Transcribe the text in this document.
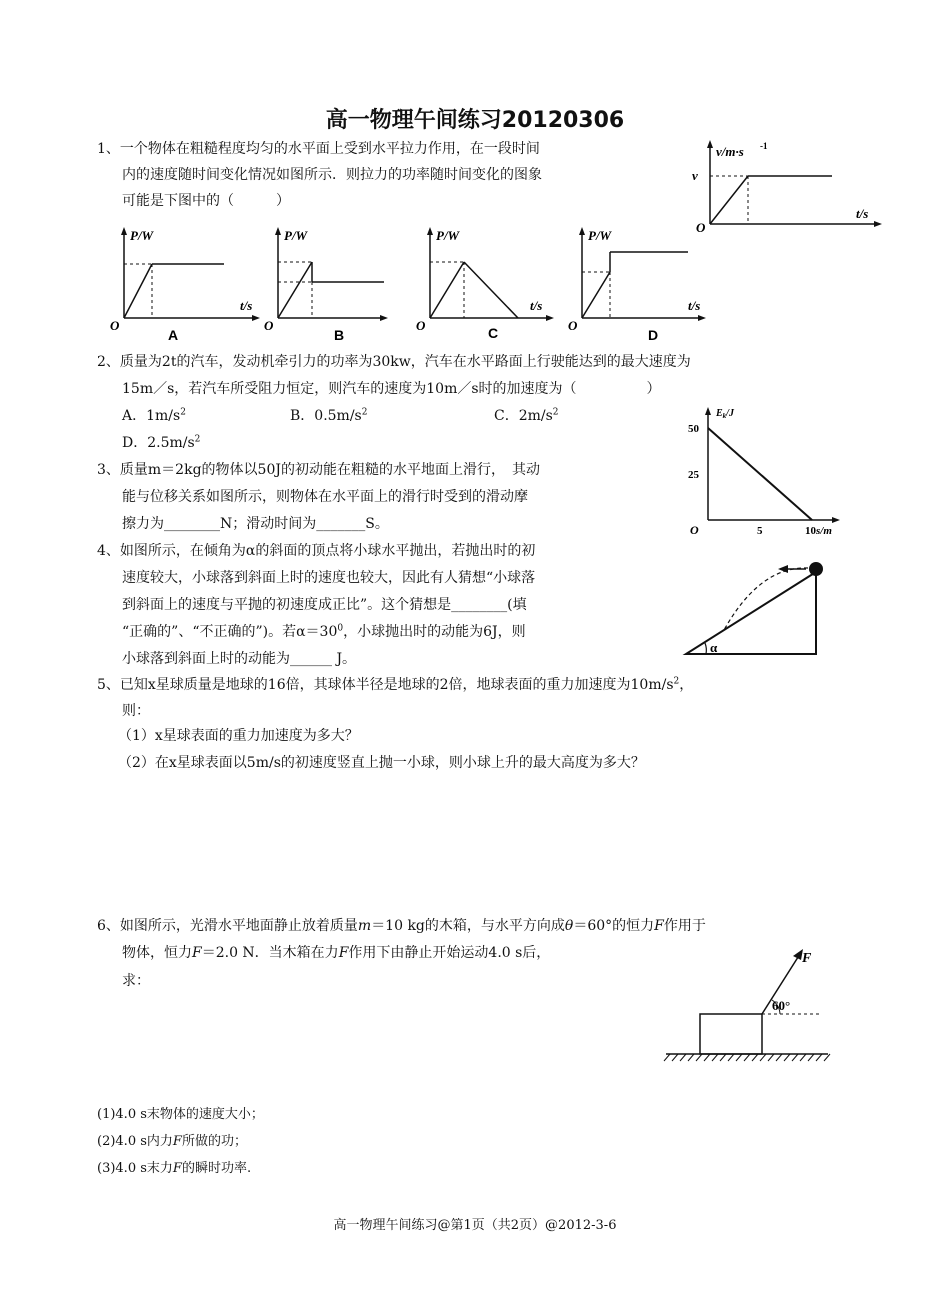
高一物理午间练习20120306
1、一个物体在粗糙程度均匀的水平面上受到水平拉力作用，在一段时间
内的速度随时间变化情况如图所示．则拉力的功率随时间变化的图象
可能是下图中的（　　　）
v/m·s -1
v
t/s
O
P/W
t/s
O
A
P/W
O
B
P/W
t/s
O	C
P/W
t/s
O
D
2、质量为2t的汽车，发动机牵引力的功率为30kw，汽车在水平路面上行驶能达到的最大速度为
15m／s，若汽车所受阻力恒定，则汽车的速度为10m／s时的加速度为（　　　　　）
A．$1m/s^2$	B．$0.5m/s^2$	C．$2m/s^2$
D．$2.5m/s^2$
50
25
5	10
O	s/m
$E_k/J$
3、质量m＝2kg的物体以50J的初动能在粗糙的水平地面上滑行，　其动
能与位移关系如图所示，则物体在水平面上的滑行时受到的滑动摩
擦力为________N；滑动时间为_______S。
4、如图所示，在倾角为α的斜面的顶点将小球水平抛出，若抛出时的初
速度较大，小球落到斜面上时的速度也较大，因此有人猜想“小球落
到斜面上的速度与平抛的初速度成正比”。这个猜想是________(填
“正确的”、“不正确的”)。若$\alpha=30^0$，小球抛出时的动能为6J，则
小球落到斜面上时的动能为______ J。
α
5、已知x星球质量是地球的16倍，其球体半径是地球的2倍，地球表面的重力加速度为$10m/s^2$，
则：
（1）x星球表面的重力加速度为多大？
（2）在x星球表面以5m/s的初速度竖直上抛一小球，则小球上升的最大高度为多大？
6、如图所示，光滑水平地面静止放着质量m＝10 kg的木箱，与水平方向成θ＝60°的恒力F作用于
物体，恒力F＝2.0 N．当木箱在力F作用下由静止开始运动4.0 s后，
求：
F
60°
(1)4.0 s末物体的速度大小；
(2)4.0 s内力F所做的功；
(3)4.0 s末力F的瞬时功率.
高一物理午间练习@第1页（共2页）@2012-3-6
